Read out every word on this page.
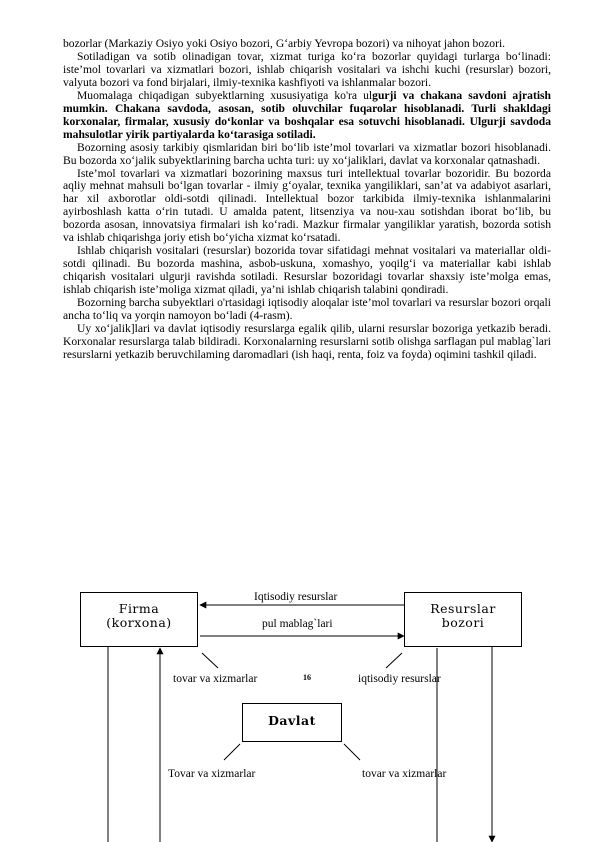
bozorlar (Markaziy Osiyo yoki Osiyo bozori, G‘arbiy Yevropa bozori) va nihoyat jahon bozori.

Sotiladigan va sotib olinadigan tovar, xizmat turiga ko‘ra bozorlar quyidagi turlarga bo‘linadi: iste’mol tovarlari va xizmatlari bozori, ishlab chiqarish vositalari va ishchi kuchi (resurslar) bozori, valyuta bozori va fond birjalari, ilmiy-texnika kashfiyoti va ishlanmalar bozori.

Muomalaga chiqadigan subyektlarning xususiyatiga ko'ra ulgurji va chakana savdoni ajratish mumkin. Chakana savdoda, asosan, sotib oluvchilar fuqarolar hisoblanadi. Turli shakldagi korxonalar, firmalar, xususiy do‘konlar va boshqalar esa sotuvchi hisoblanadi. Ulgurji savdoda mahsulotlar yirik partiyalarda ko‘tarasiga sotiladi.

Bozorning asosiy tarkibiy qismlaridan biri bo‘lib iste’mol tovarlari va xizmatlar bozori hisoblanadi. Bu bozorda xo‘jalik subyektlarining barcha uchta turi: uy xo‘jaliklari, davlat va korxonalar qatnashadi.

Iste’mol tovarlari va xizmatlari bozorining maxsus turi intellektual tovarlar bozoridir. Bu bozorda aqliy mehnat mahsuli bo‘lgan tovarlar - ilmiy g‘oyalar, texnika yangiliklari, san’at va adabiyot asarlari, har xil axborotlar oldi-sotdi qilinadi. Intellektual bozor tarkibida ilmiy-texnika ishlanmalarini ayirboshlash katta o‘rin tutadi. U amalda patent, litsenziya va nou-xau sotishdan iborat bo‘lib, bu bozorda asosan, innovatsiya firmalari ish ko‘radi. Mazkur firmalar yangiliklar yaratish, bozorda sotish va ishlab chiqarishga joriy etish bo‘yicha xizmat ko‘rsatadi.

Ishlab chiqarish vositalari (resurslar) bozorida tovar sifatidagi mehnat vositalari va materiallar oldi-sotdi qilinadi. Bu bozorda mashina, asbob-uskuna, xomashyo, yoqilg‘i va materiallar kabi ishlab chiqarish vositalari ulgurji ravishda sotiladi. Resurslar bozoridagi tovarlar shaxsiy iste’molga emas, ishlab chiqarish iste’moliga xizmat qiladi, ya’ni ishlab chiqarish talabini qondiradi.

Bozorning barcha subyektlari o'rtasidagi iqtisodiy aloqalar iste’mol tovarlari va resurslar bozori orqali ancha to‘liq va yorqin namoyon bo‘ladi (4-rasm).

Uy xo‘jalik]lari va davlat iqtisodiy resurslarga egalik qilib, ularni resurslar bozoriga yetkazib beradi. Korxonalar resurslarga talab bildiradi. Korxonalarning resurslarni sotib olishga sarflagan pul mablag`lari resurslarni yetkazib beruvchilaming daromadlari (ish haqi, renta, foiz va foyda) oqimini tashkil qiladi.

Firma
(korxona)
Resurslar
bozori
Davlat
Iqtisodiy resurslar
pul mablag`lari
tovar va xizmarlar	16	iqtisodiy resurslar
Tovar va xizmarlar	tovar va xizmarlar
